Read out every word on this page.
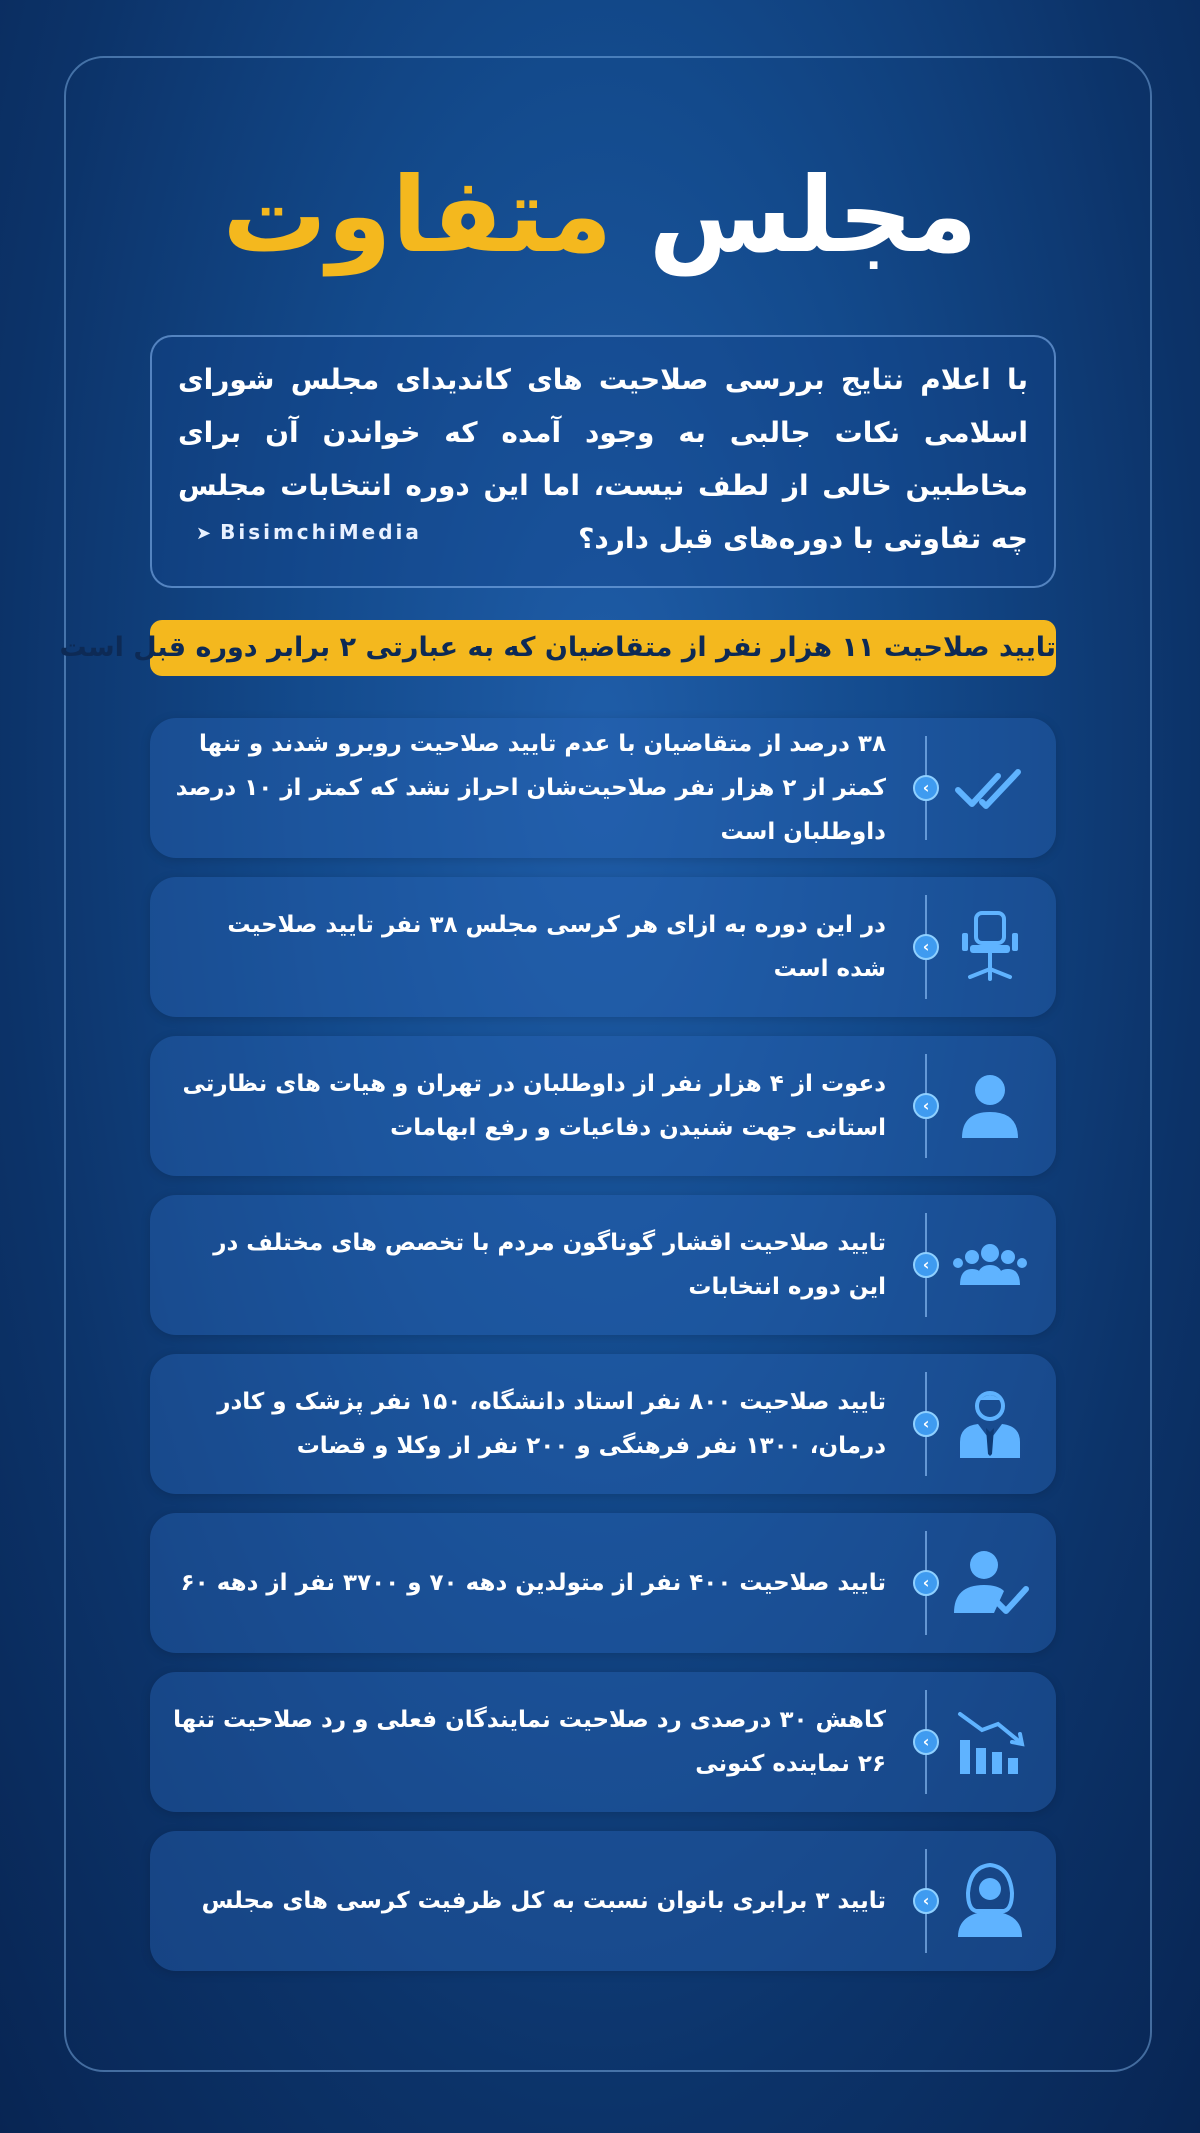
مجلس متفاوت
با اعلام نتایج بررسی صلاحیت های کاندیدای مجلس شورای اسلامی نکات جالبی به وجود آمده که خواندن آن برای مخاطبین خالی از لطف نیست، اما این دوره انتخابات مجلس چه تفاوتی با دوره‌های قبل دارد؟
➤ BisimchiMedia
تایید صلاحیت ۱۱ هزار نفر از متقاضیان که به عبارتی ۲ برابر دوره قبل است
‹
۳۸ درصد از متقاضیان با عدم تایید صلاحیت روبرو شدند و تنها کمتر از ۲ هزار نفر صلاحیت‌شان احراز نشد که کمتر از ۱۰ درصد داوطلبان است
‹
در این دوره به ازای هر کرسی مجلس ۳۸ نفر تایید صلاحیت شده است
‹
دعوت از ۴ هزار نفر از داوطلبان در تهران و هیات های نظارتی استانی جهت شنیدن دفاعیات و رفع ابهامات
‹
تایید صلاحیت اقشار گوناگون مردم با تخصص های مختلف در این دوره انتخابات
‹
تایید صلاحیت ۸۰۰ نفر استاد دانشگاه، ۱۵۰ نفر پزشک و کادر درمان، ۱۳۰۰ نفر فرهنگی و ۲۰۰ نفر از وکلا و قضات
‹
تایید صلاحیت ۴۰۰ نفر از متولدین دهه ۷۰ و ۳۷۰۰ نفر از دهه ۶۰
‹
کاهش ۳۰ درصدی رد صلاحیت نمایندگان فعلی و رد صلاحیت تنها ۲۶ نماینده کنونی
‹
تایید ۳ برابری بانوان نسبت به کل ظرفیت کرسی های مجلس
